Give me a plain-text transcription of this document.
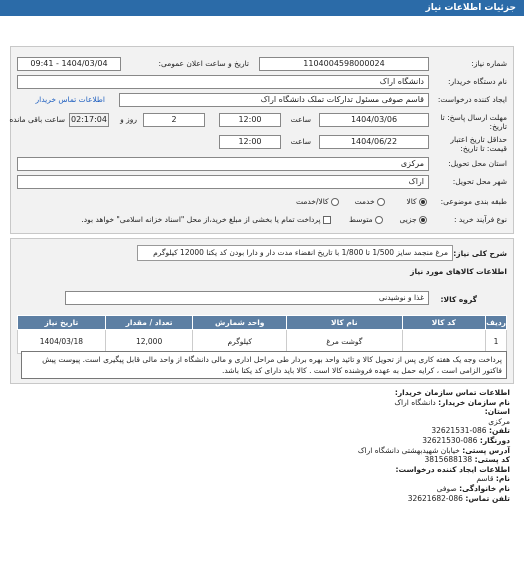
جزئیات اطلاعات نیاز
شماره نیاز:
1104004598000024
تاریخ و ساعت اعلان عمومی:
1404/03/04 - 09:41
نام دستگاه خریدار:
دانشگاه اراک
ایجاد کننده درخواست:
قاسم صوفی مسئول تدارکات تملک دانشگاه اراک
اطلاعات تماس خریدار
مهلت ارسال پاسخ: تا تاریخ:
1404/03/06
ساعت
12:00
2
روز و
02:17:04
ساعت باقی مانده
حداقل تاریخ اعتبار قیمت: تا تاریخ:
1404/06/22
ساعت
12:00
استان محل تحویل:
مرکزی
شهر محل تحویل:
اراک
طبقه بندی موضوعی:
کالا
خدمت
کالا/خدمت
نوع فرآیند خرید :
جزیی
متوسط
پرداخت تمام یا بخشی از مبلغ خرید،از محل "اسناد خزانه اسلامی" خواهد بود.
شرح کلی نیاز:
مرغ منجمد سایز 1/500 تا 1/800 با تاریخ انقضاء مدت دار و دارا بودن کد یکتا 12000 کیلوگرم
اطلاعات کالاهای مورد نیاز
گروه کالا:
غذا و نوشیدنی
ردیف	کد کالا	نام کالا	واحد شمارش	تعداد / مقدار	تاریخ نیاز
1		گوشت مرغ	کیلوگرم	12,000	1404/03/18
پرداخت وجه یک هفته کاری پس از تحویل کالا و تائید واحد بهره بردار طی مراحل اداری و مالی دانشگاه از واحد مالی قابل پیگیری است. پیوست پیش فاکتور الزامی است ، کرایه حمل به عهده فروشنده کالا است . کالا باید دارای کد یکتا باشد.
اطلاعات تماس سازمان خریدار:
نام سازمان خریدار: دانشگاه اراک
استان:
مرکزی
تلفن: 086-32621531
دورنگار: 086-32621530
آدرس پستی: خیابان شهیدبهشتی دانشگاه اراک
کد پستی: 3815688138
اطلاعات ایجاد کننده درخواست:
نام: قاسم
نام خانوادگی: صوفی
تلفن تماس: 086-32621682
